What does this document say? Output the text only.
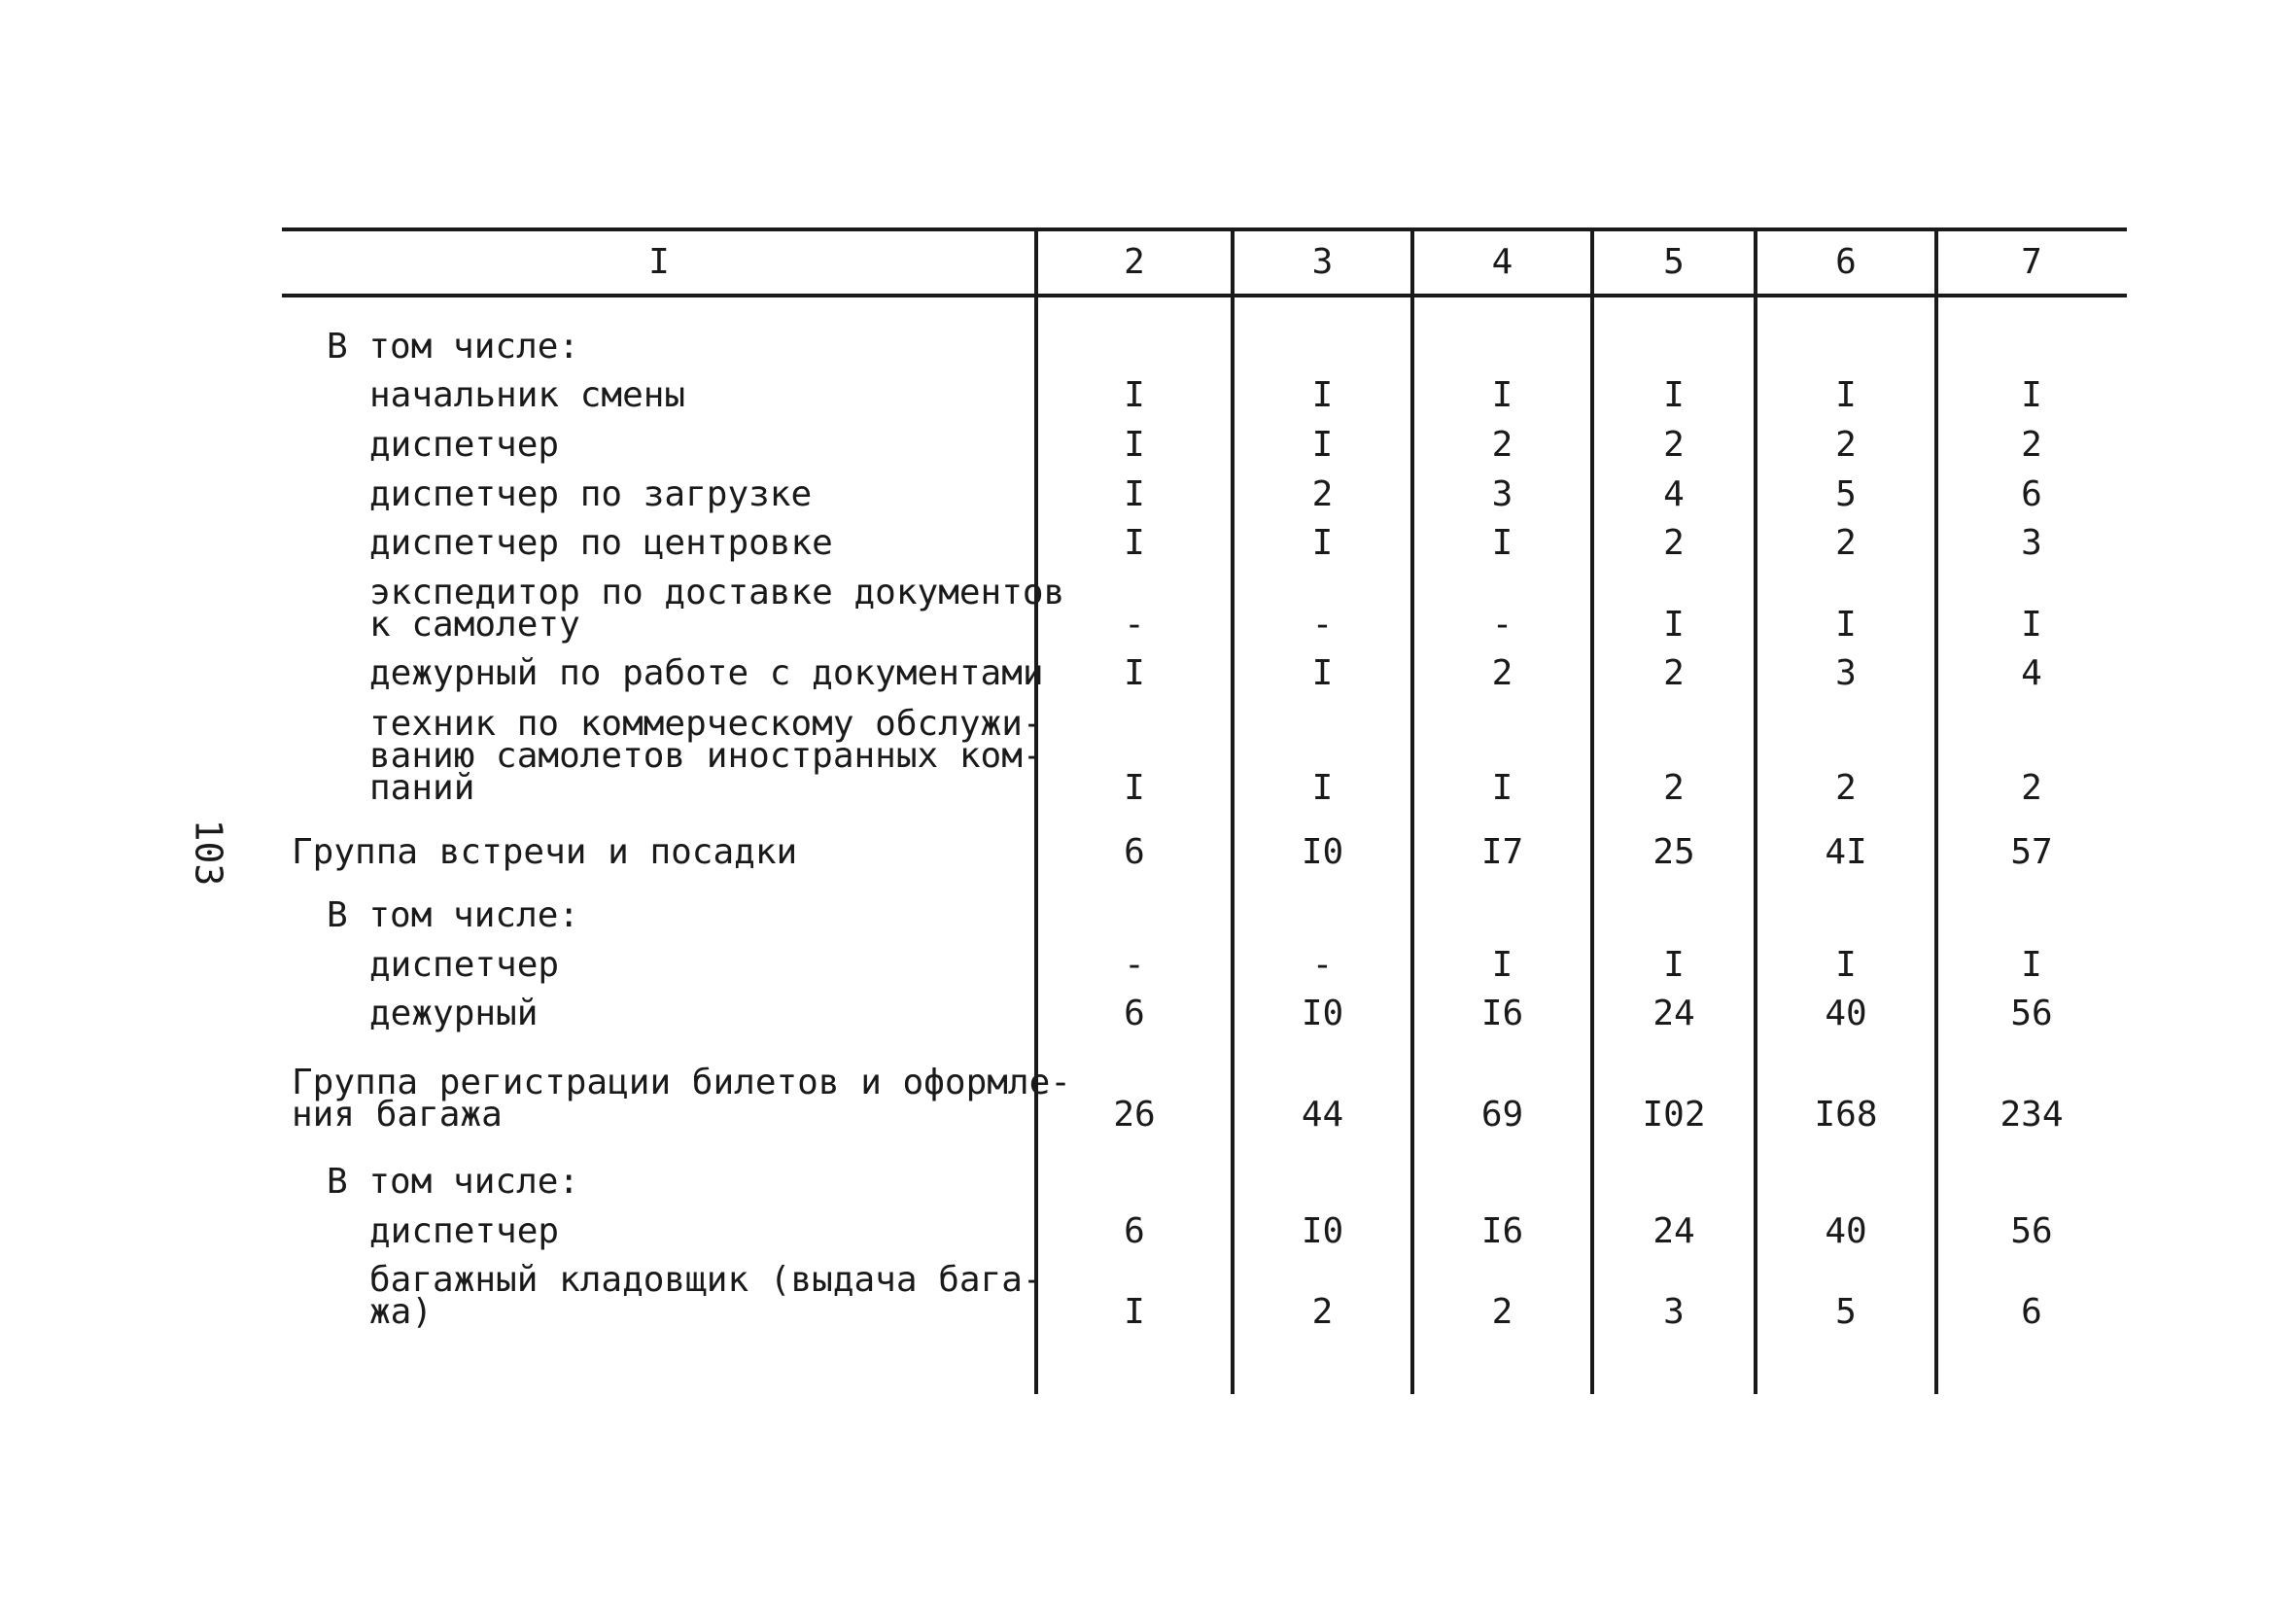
103
I	2	3	4	5	6	7
В том числе:
начальник смены	I	I	I	I	I	I
диспетчер	I	I	2	2	2	2
диспетчер по загрузке	I	2	3	4	5	6
диспетчер по центровке	I	I	I	2	2	3
экспедитор по доставке документов
к самолету	-	-	-	I	I	I
дежурный по работе с документами	I	I	2	2	3	4
техник по коммерческому обслужи-
ванию самолетов иностранных ком-
паний	I	I	I	2	2	2
Группа встречи и посадки	6	I0	I7	25	4I	57
В том числе:
диспетчер	-	-	I	I	I	I
дежурный	6	I0	I6	24	40	56
Группа регистрации билетов и оформле-
ния багажа	26	44	69	I02	I68	234
В том числе:
диспетчер	6	I0	I6	24	40	56
багажный кладовщик (выдача бага-
жа)	I	2	2	3	5	6
